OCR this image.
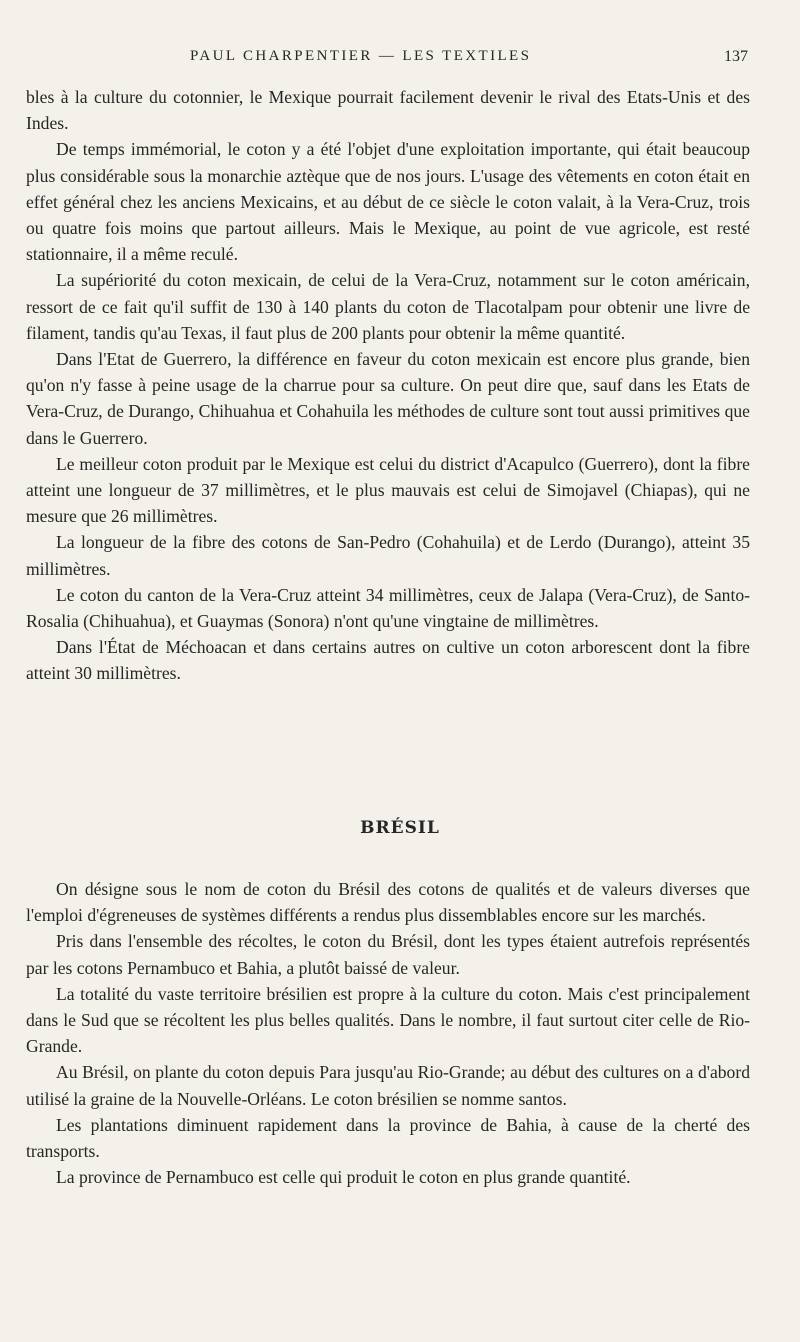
PAUL CHARPENTIER — LES TEXTILES	137

bles à la culture du cotonnier, le Mexique pourrait facilement devenir le rival des Etats-Unis et des Indes.

De temps immémorial, le coton y a été l'objet d'une exploitation importante, qui était beaucoup plus considérable sous la monarchie aztèque que de nos jours. L'usage des vêtements en coton était en effet général chez les anciens Mexicains, et au début de ce siècle le coton valait, à la Vera-Cruz, trois ou quatre fois moins que partout ailleurs. Mais le Mexique, au point de vue agricole, est resté stationnaire, il a même reculé.

La supériorité du coton mexicain, de celui de la Vera-Cruz, notamment sur le coton américain, ressort de ce fait qu'il suffit de 130 à 140 plants du coton de Tlacotalpam pour obtenir une livre de filament, tandis qu'au Texas, il faut plus de 200 plants pour obtenir la même quantité.

Dans l'Etat de Guerrero, la différence en faveur du coton mexicain est encore plus grande, bien qu'on n'y fasse à peine usage de la charrue pour sa culture. On peut dire que, sauf dans les Etats de Vera-Cruz, de Durango, Chihuahua et Cohahuila les méthodes de culture sont tout aussi primitives que dans le Guerrero.

Le meilleur coton produit par le Mexique est celui du district d'Acapulco (Guerrero), dont la fibre atteint une longueur de 37 millimètres, et le plus mauvais est celui de Simojavel (Chiapas), qui ne mesure que 26 millimètres.

La longueur de la fibre des cotons de San-Pedro (Cohahuila) et de Lerdo (Durango), atteint 35 millimètres.

Le coton du canton de la Vera-Cruz atteint 34 millimètres, ceux de Jalapa (Vera-Cruz), de Santo-Rosalia (Chihuahua), et Guaymas (Sonora) n'ont qu'une vingtaine de millimètres.

Dans l'État de Méchoacan et dans certains autres on cultive un coton arborescent dont la fibre atteint 30 millimètres.

BRÉSIL

On désigne sous le nom de coton du Brésil des cotons de qualités et de valeurs diverses que l'emploi d'égreneuses de systèmes différents a rendus plus dissemblables encore sur les marchés.

Pris dans l'ensemble des récoltes, le coton du Brésil, dont les types étaient autrefois représentés par les cotons Pernambuco et Bahia, a plutôt baissé de valeur.

La totalité du vaste territoire brésilien est propre à la culture du coton. Mais c'est principalement dans le Sud que se récoltent les plus belles qualités. Dans le nombre, il faut surtout citer celle de Rio-Grande.

Au Brésil, on plante du coton depuis Para jusqu'au Rio-Grande; au début des cultures on a d'abord utilisé la graine de la Nouvelle-Orléans. Le coton brésilien se nomme santos.

Les plantations diminuent rapidement dans la province de Bahia, à cause de la cherté des transports.

La province de Pernambuco est celle qui produit le coton en plus grande quantité.
